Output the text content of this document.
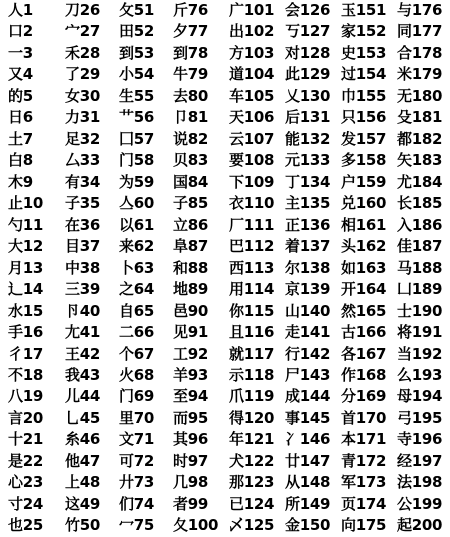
人1
口2
一3
又4
的5
日6
土7
白8
木9
止10
勺11
大12
月13
辶14
水15
手16
彳17
不18
八19
言20
十21
是22
心23
寸24
也25
刀26
宀27
禾28
了29
女30
力31
足32
厶33
有34
子35
在36
目37
中38
三39
卪40
尢41
王42
我43
儿44
乚45
糸46
他47
上48
这49
竹50
攵51
田52
到53
小54
生55
艹56
囗57
门58
为59
亼60
以61
来62
卜63
之64
自65
二66
个67
火68
门69
里70
文71
可72
廾73
们74
冖75
斤76
夕77
到78
牛79
去80
卩81
说82
贝83
国84
子85
立86
阜87
和88
地89
邑90
见91
工92
羊93
至94
而95
其96
时97
几98
者99
夂100
广101
出102
方103
道104
车105
天106
云107
要108
下109
衣110
厂111
巴112
西113
用114
你115
且116
就117
示118
爪119
得120
年121
犬122
那123
已124
乄125
会126
丂127
对128
此129
乂130
后131
能132
元133
丁134
主135
正136
着137
尔138
京139
山140
走141
行142
尸143
成144
事145
冫146
廿147
从148
所149
金150
玉151
家152
史153
过154
巾155
只156
发157
多158
户159
兑160
相161
头162
如163
开164
然165
古166
各167
作168
分169
首170
本171
青172
军173
页174
向175
与176
同177
合178
米179
无180
殳181
都182
矢183
尤184
长185
入186
佳187
马188
凵189
士190
将191
当192
么193
母194
弓195
寺196
经197
法198
公199
起200
